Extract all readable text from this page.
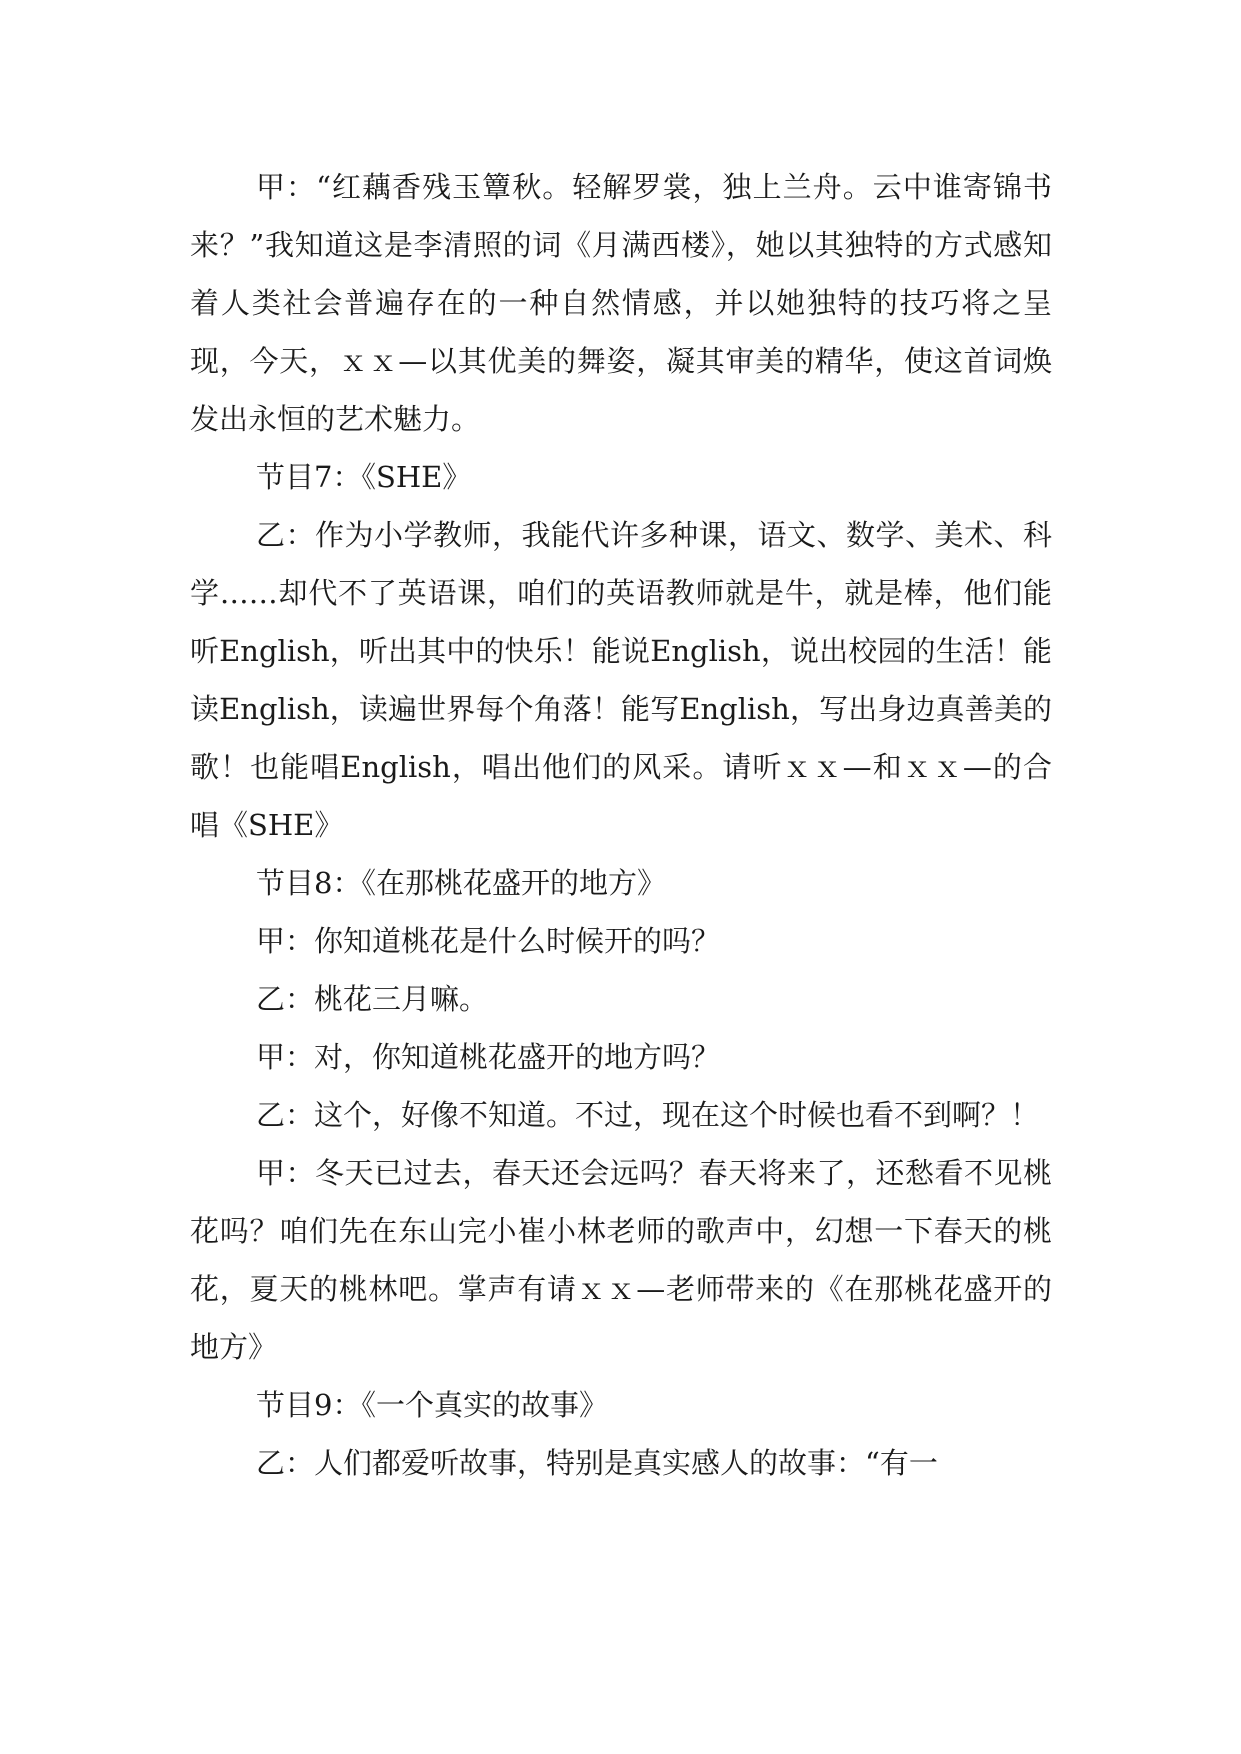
甲：“红藕香残玉簟秋。轻解罗裳，独上兰舟。云中谁寄锦书来？”我知道这是李清照的词《月满西楼》，她以其独特的方式感知着人类社会普遍存在的一种自然情感，并以她独特的技巧将之呈现，今天，ｘｘ—以其优美的舞姿，凝其审美的精华，使这首词焕发出永恒的艺术魅力。

节目7：《SHE》

乙：作为小学教师，我能代许多种课，语文、数学、美术、科学……却代不了英语课，咱们的英语教师就是牛，就是棒，他们能听English，听出其中的快乐！能说English，说出校园的生活！能读English，读遍世界每个角落！能写English，写出身边真善美的歌！也能唱English，唱出他们的风采。请听ｘｘ—和ｘｘ—的合唱《SHE》

节目8：《在那桃花盛开的地方》

甲：你知道桃花是什么时候开的吗？

乙：桃花三月嘛。

甲：对，你知道桃花盛开的地方吗？

乙：这个，好像不知道。不过，现在这个时候也看不到啊？！

甲：冬天已过去，春天还会远吗？春天将来了，还愁看不见桃花吗？咱们先在东山完小崔小林老师的歌声中，幻想一下春天的桃花，夏天的桃林吧。掌声有请ｘｘ—老师带来的《在那桃花盛开的地方》

节目9：《一个真实的故事》

乙：人们都爱听故事，特别是真实感人的故事：“有一
